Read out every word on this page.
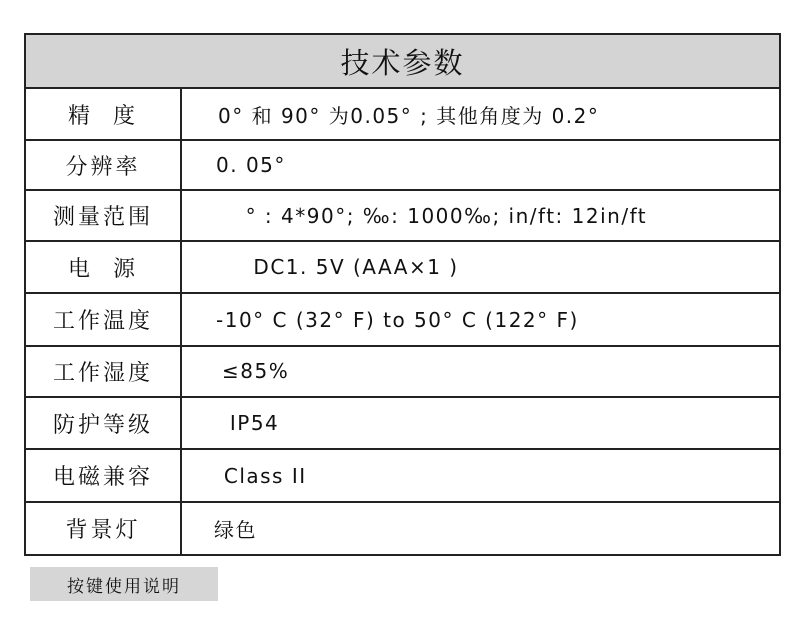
技术参数
精  度	0° 和 90° 为0.05° ; 其他角度为 0.2°
分辨率	0. 05°
测量范围	° : 4*90°; ‰: 1000‰; in/ft: 12in/ft
电  源	DC1. 5V (AAA×1 )
工作温度	-10° C (32° F) to 50° C (122° F)
工作湿度	≤85%
防护等级	IP54
电磁兼容	Class II
背景灯	绿色
按键使用说明
